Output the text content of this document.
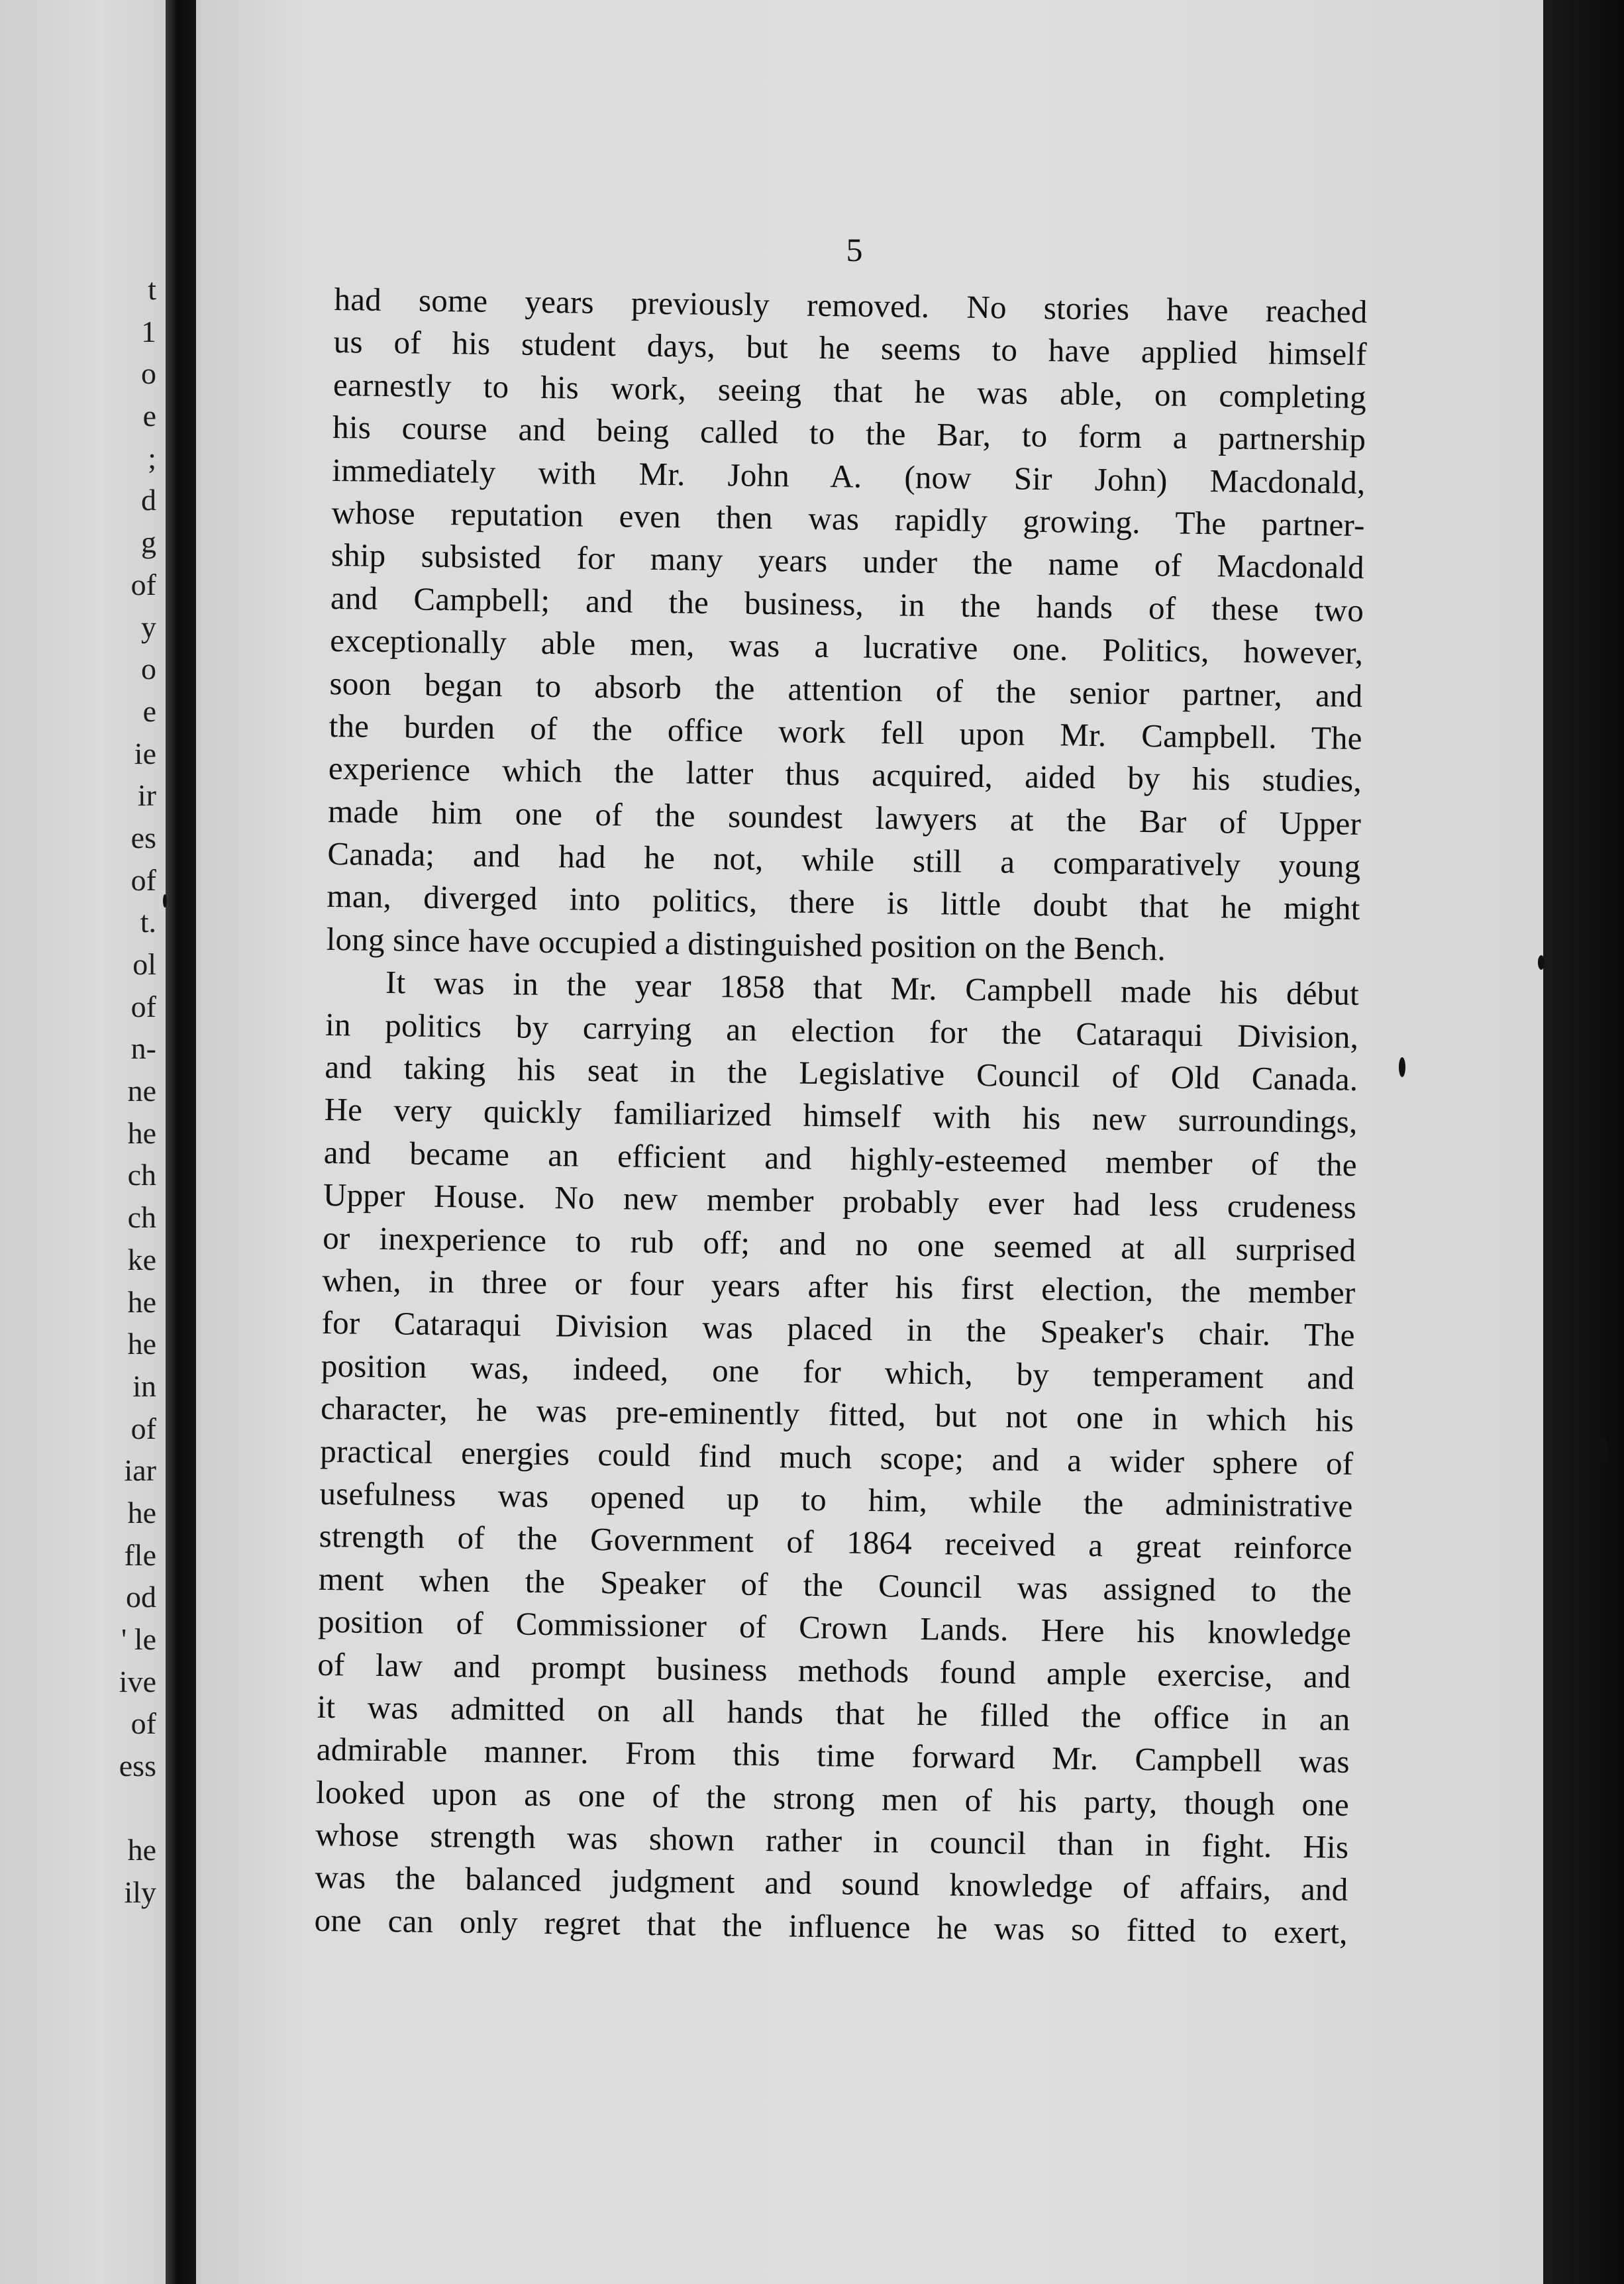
t
1
o
e
;
d
g
of
y
o
e
ie
ir
es
of
t.
ol
of
n-
ne
he
ch
ch
ke
he
he
in
of
iar
he
fle
od
' le
ive
of
ess
he
ily

5

had some years previously removed. No stories have reached
us of his student days, but he seems to have applied himself
earnestly to his work, seeing that he was able, on completing
his course and being called to the Bar, to form a partnership
immediately with Mr. John A. (now Sir John) Macdonald,
whose reputation even then was rapidly growing. The partner-
ship subsisted for many years under the name of Macdonald
and Campbell; and the business, in the hands of these two
exceptionally able men, was a lucrative one. Politics, however,
soon began to absorb the attention of the senior partner, and
the burden of the office work fell upon Mr. Campbell. The
experience which the latter thus acquired, aided by his studies,
made him one of the soundest lawyers at the Bar of Upper
Canada; and had he not, while still a comparatively young
man, diverged into politics, there is little doubt that he might
long since have occupied a distinguished position on the Bench.
It was in the year 1858 that Mr. Campbell made his début
in politics by carrying an election for the Cataraqui Division,
and taking his seat in the Legislative Council of Old Canada.
He very quickly familiarized himself with his new surroundings,
and became an efficient and highly-esteemed member of the
Upper House. No new member probably ever had less crudeness
or inexperience to rub off; and no one seemed at all surprised
when, in three or four years after his first election, the member
for Cataraqui Division was placed in the Speaker's chair. The
position was, indeed, one for which, by temperament and
character, he was pre-eminently fitted, but not one in which his
practical energies could find much scope; and a wider sphere of
usefulness was opened up to him, while the administrative
strength of the Government of 1864 received a great reinforce
ment when the Speaker of the Council was assigned to the
position of Commissioner of Crown Lands. Here his knowledge
of law and prompt business methods found ample exercise, and
it was admitted on all hands that he filled the office in an
admirable manner. From this time forward Mr. Campbell was
looked upon as one of the strong men of his party, though one
whose strength was shown rather in council than in fight. His
was the balanced judgment and sound knowledge of affairs, and
one can only regret that the influence he was so fitted to exert,
